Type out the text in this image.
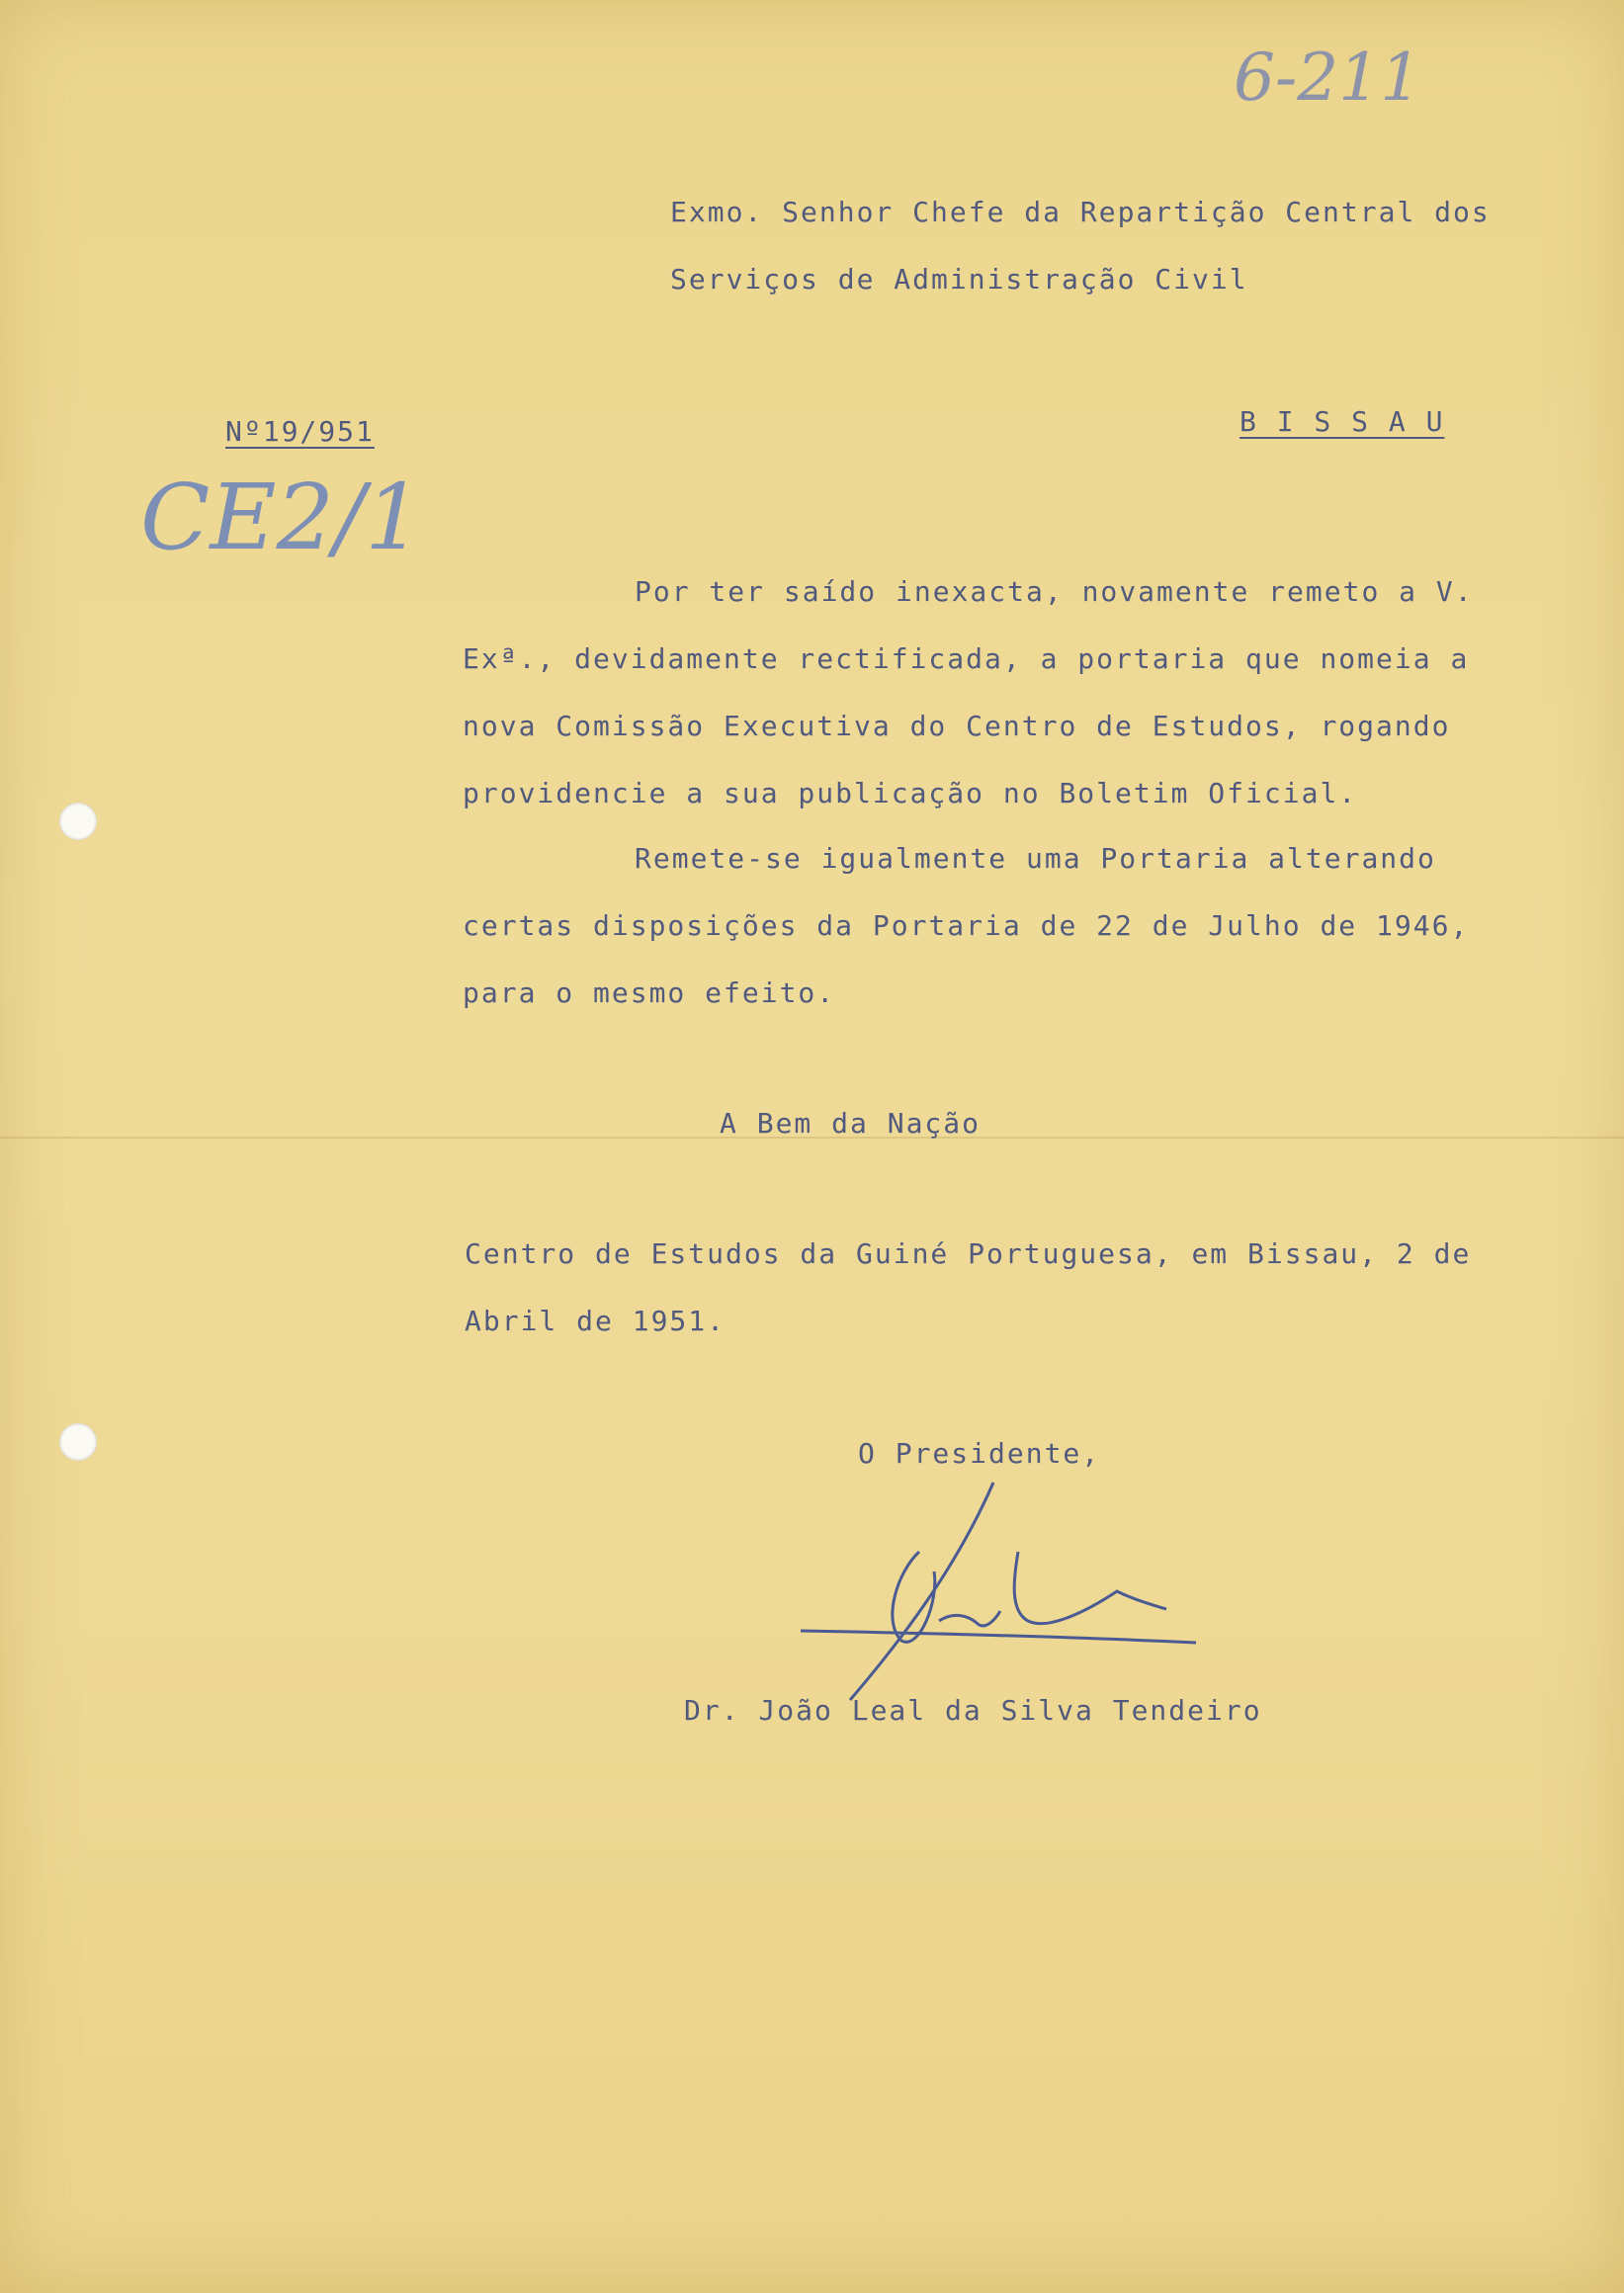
6-211
Exmo. Senhor Chefe da Repartição Central dos
Serviços de Administração Civil
Nº19/951
CE2/1
B I S S A U
Por ter saído inexacta, novamente remeto a V.
Exª., devidamente rectificada, a portaria que nomeia a
nova Comissão Executiva do Centro de Estudos, rogando
providencie a sua publicação no Boletim Oficial.
Remete-se igualmente uma Portaria alterando
certas disposições da Portaria de 22 de Julho de 1946,
para o mesmo efeito.
A Bem da Nação
Centro de Estudos da Guiné Portuguesa, em Bissau, 2 de
Abril de 1951.
O Presidente,
Dr. João Leal da Silva Tendeiro
